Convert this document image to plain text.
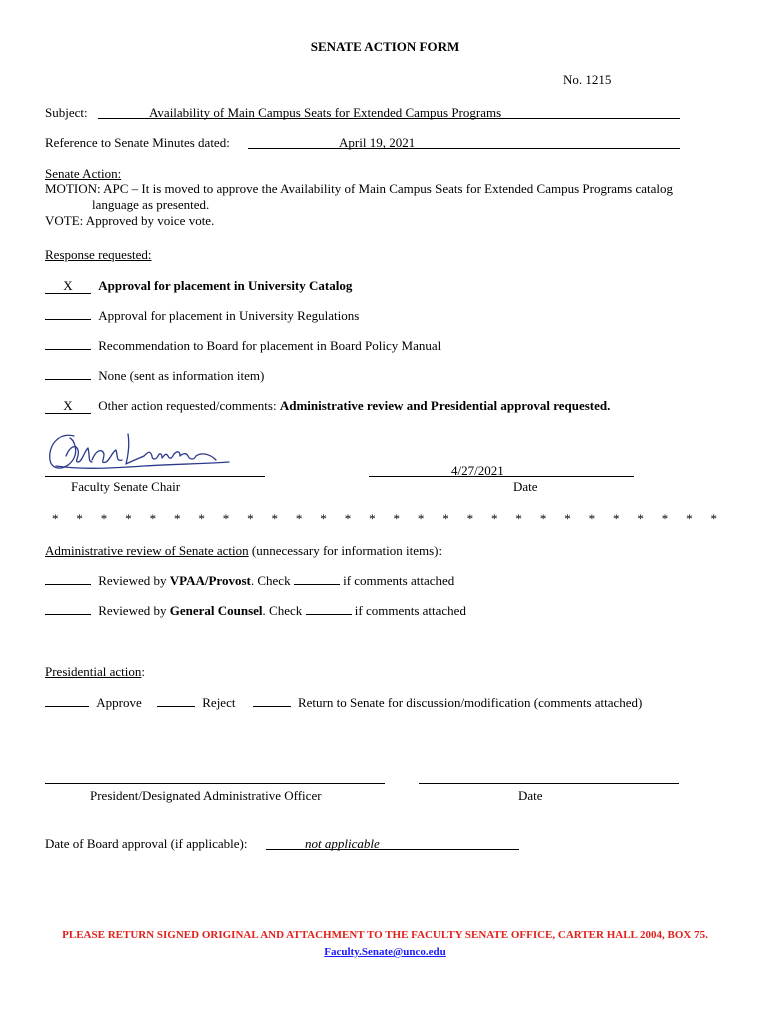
SENATE ACTION FORM
No. 1215
Subject:	Availability of Main Campus Seats for Extended Campus Programs
Reference to Senate Minutes dated:	April 19, 2021
Senate Action:
MOTION: APC – It is moved to approve the Availability of Main Campus Seats for Extended Campus Programs catalog
language as presented.
VOTE: Approved by voice vote.
Response requested:
X Approval for placement in University Catalog
Approval for placement in University Regulations
Recommendation to Board for placement in Board Policy Manual
None (sent as information item)
X Other action requested/comments: Administrative review and Presidential approval requested.
Faculty Senate Chair
4/27/2021
Date
* * * * * * * * * * * * * * * * * * * * * * * * * * * *
Administrative review of Senate action (unnecessary for information items):
Reviewed by VPAA/Provost. Check	if comments attached
Reviewed by General Counsel. Check	if comments attached
Presidential action:
Approve	Reject	Return to Senate for discussion/modification (comments attached)
President/Designated Administrative Officer	Date
Date of Board approval (if applicable):	not applicable
PLEASE RETURN SIGNED ORIGINAL AND ATTACHMENT TO THE FACULTY SENATE OFFICE, CARTER HALL 2004, BOX 75.
Faculty.Senate@unco.edu
